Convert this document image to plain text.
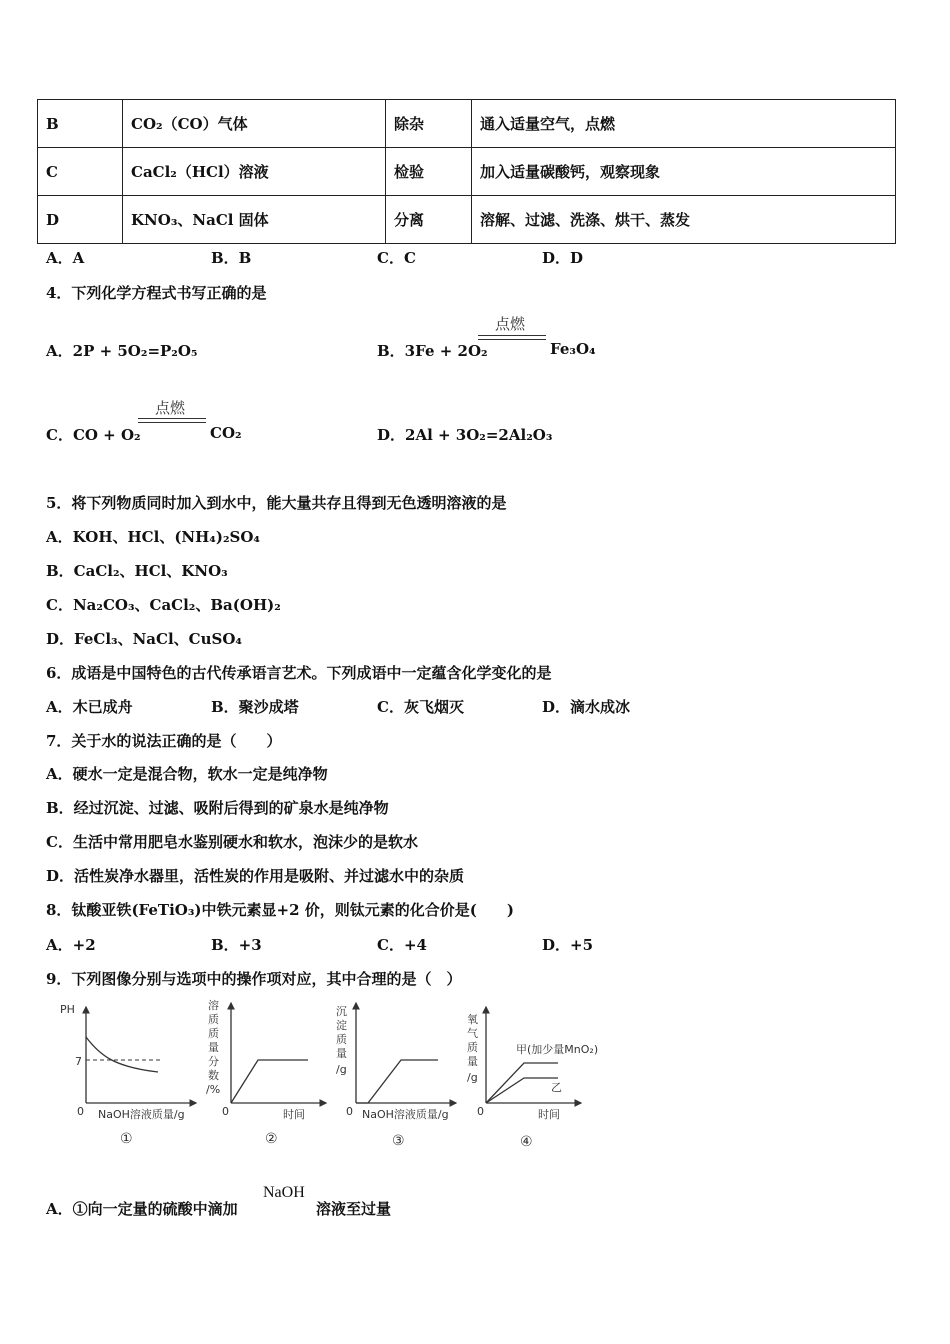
B	CO₂（CO）气体	除杂	通入适量空气，点燃
C	CaCl₂（HCl）溶液	检验	加入适量碳酸钙，观察现象
D	KNO₃、NaCl 固体	分离	溶解、过滤、洗涤、烘干、蒸发
A．A	B．B	C．C	D．D
4．下列化学方程式书写正确的是
A．2P + 5O₂=P₂O₅	B．3Fe + 2O₂
点燃
Fe₃O₄
C．CO + O₂
点燃
CO₂	D．2Al + 3O₂=2Al₂O₃
5．将下列物质同时加入到水中，能大量共存且得到无色透明溶液的是
A．KOH、HCl、(NH₄)₂SO₄
B．CaCl₂、HCl、KNO₃
C．Na₂CO₃、CaCl₂、Ba(OH)₂
D．FeCl₃、NaCl、CuSO₄
6．成语是中国特色的古代传承语言艺术。下列成语中一定蕴含化学变化的是
A．木已成舟	B．聚沙成塔	C．灰飞烟灭	D．滴水成冰
7．关于水的说法正确的是（　　）
A．硬水一定是混合物，软水一定是纯净物
B．经过沉淀、过滤、吸附后得到的矿泉水是纯净物
C．生活中常用肥皂水鉴别硬水和软水，泡沫少的是软水
D．活性炭净水器里，活性炭的作用是吸附、并过滤水中的杂质
8．钛酸亚铁(FeTiO₃)中铁元素显+2 价，则钛元素的化合价是(　　)
A．+2	B．+3	C．+4	D．+5
9．下列图像分别与选项中的操作项对应，其中合理的是（　）
PH
7
0 NaOH溶液质量/g
①
溶
质
质
量
分
数
/%
0	时间
②
沉
淀
质
量
/g
0 NaOH溶液质量/g
③
氧
气
质
量
/g
甲(加少量MnO₂)
乙
0	时间
④
A．①向一定量的硫酸中滴加
NaOH
溶液至过量
